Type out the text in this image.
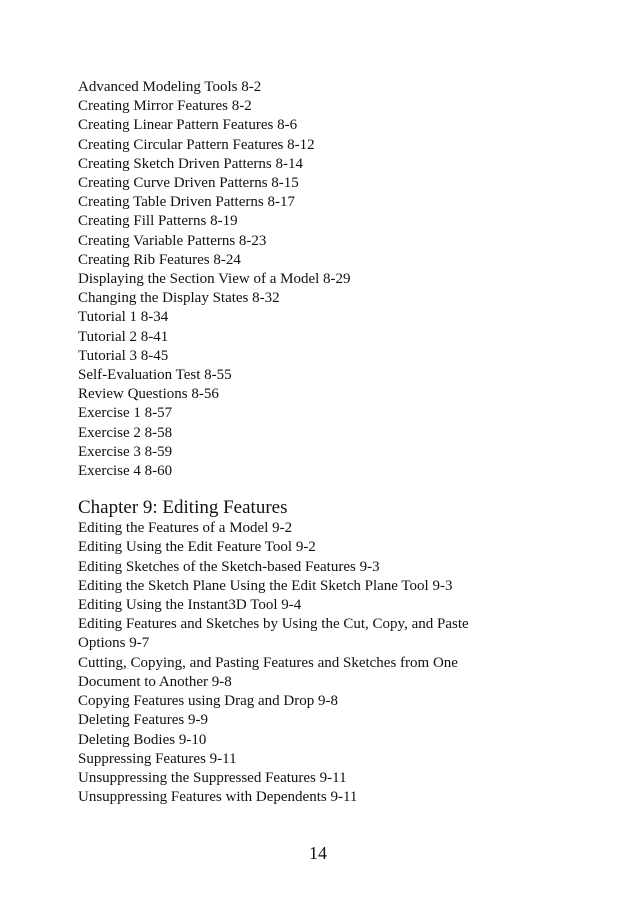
Advanced Modeling Tools 8-2
Creating Mirror Features 8-2
Creating Linear Pattern Features 8-6
Creating Circular Pattern Features 8-12
Creating Sketch Driven Patterns 8-14
Creating Curve Driven Patterns 8-15
Creating Table Driven Patterns 8-17
Creating Fill Patterns 8-19
Creating Variable Patterns 8-23
Creating Rib Features 8-24
Displaying the Section View of a Model 8-29
Changing the Display States 8-32
Tutorial 1 8-34
Tutorial 2 8-41
Tutorial 3 8-45
Self-Evaluation Test 8-55
Review Questions 8-56
Exercise 1 8-57
Exercise 2 8-58
Exercise 3 8-59
Exercise 4 8-60
Chapter 9: Editing Features
Editing the Features of a Model 9-2
Editing Using the Edit Feature Tool 9-2
Editing Sketches of the Sketch-based Features 9-3
Editing the Sketch Plane Using the Edit Sketch Plane Tool 9-3
Editing Using the Instant3D Tool 9-4
Editing Features and Sketches by Using the Cut, Copy, and Paste Options 9-7
Cutting, Copying, and Pasting Features and Sketches from One Document to Another 9-8
Copying Features using Drag and Drop 9-8
Deleting Features 9-9
Deleting Bodies 9-10
Suppressing Features 9-11
Unsuppressing the Suppressed Features 9-11
Unsuppressing Features with Dependents 9-11
14
